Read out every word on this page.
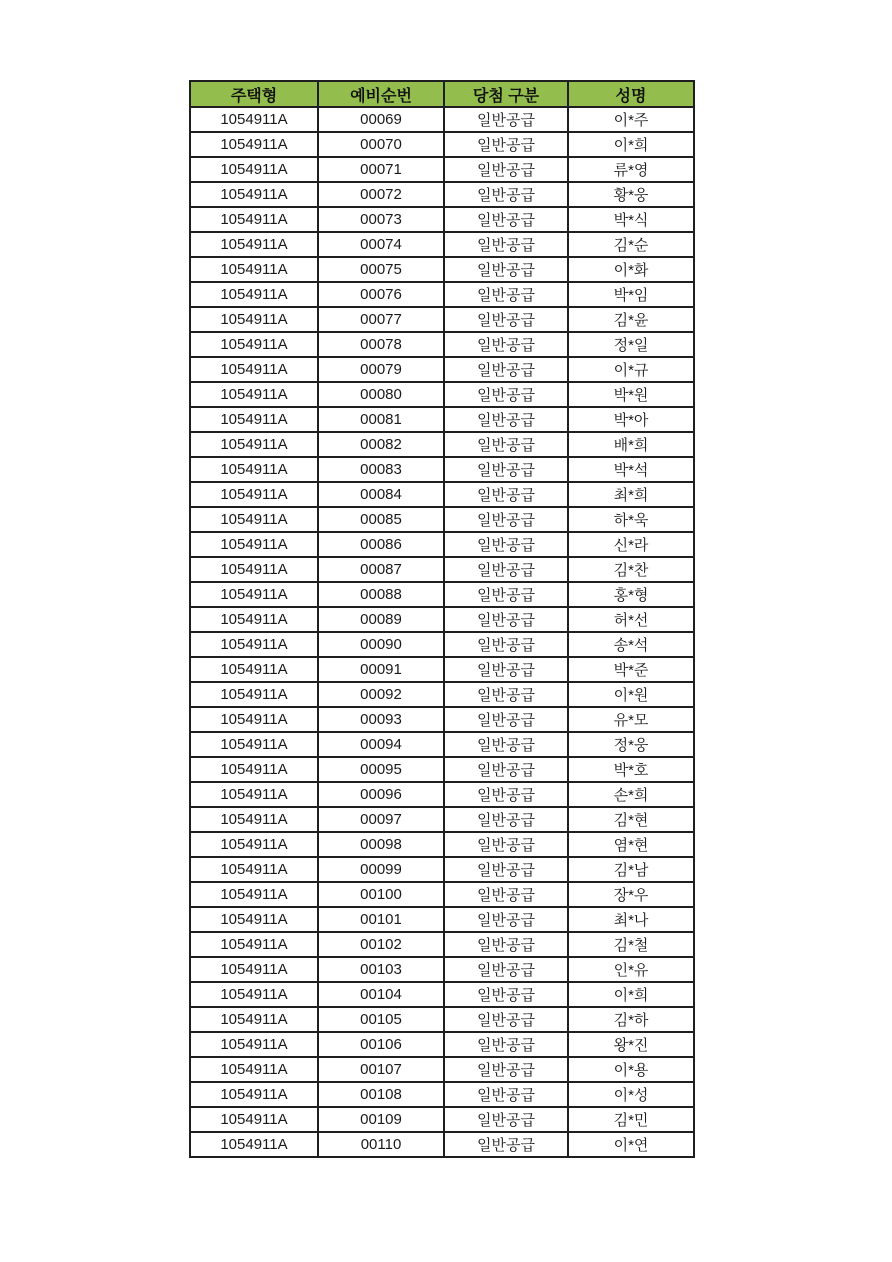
주택형	예비순번	당첨 구분	성명
1054911A	00069	일반공급	이*주
1054911A	00070	일반공급	이*희
1054911A	00071	일반공급	류*영
1054911A	00072	일반공급	황*웅
1054911A	00073	일반공급	박*식
1054911A	00074	일반공급	김*순
1054911A	00075	일반공급	이*화
1054911A	00076	일반공급	박*임
1054911A	00077	일반공급	김*윤
1054911A	00078	일반공급	정*일
1054911A	00079	일반공급	이*규
1054911A	00080	일반공급	박*원
1054911A	00081	일반공급	박*아
1054911A	00082	일반공급	배*희
1054911A	00083	일반공급	박*석
1054911A	00084	일반공급	최*희
1054911A	00085	일반공급	하*욱
1054911A	00086	일반공급	신*라
1054911A	00087	일반공급	김*찬
1054911A	00088	일반공급	홍*형
1054911A	00089	일반공급	허*선
1054911A	00090	일반공급	송*석
1054911A	00091	일반공급	박*준
1054911A	00092	일반공급	이*원
1054911A	00093	일반공급	유*모
1054911A	00094	일반공급	정*웅
1054911A	00095	일반공급	박*호
1054911A	00096	일반공급	손*희
1054911A	00097	일반공급	김*현
1054911A	00098	일반공급	염*현
1054911A	00099	일반공급	김*남
1054911A	00100	일반공급	장*우
1054911A	00101	일반공급	최*나
1054911A	00102	일반공급	김*철
1054911A	00103	일반공급	인*유
1054911A	00104	일반공급	이*희
1054911A	00105	일반공급	김*하
1054911A	00106	일반공급	왕*진
1054911A	00107	일반공급	이*용
1054911A	00108	일반공급	이*성
1054911A	00109	일반공급	김*민
1054911A	00110	일반공급	이*연
